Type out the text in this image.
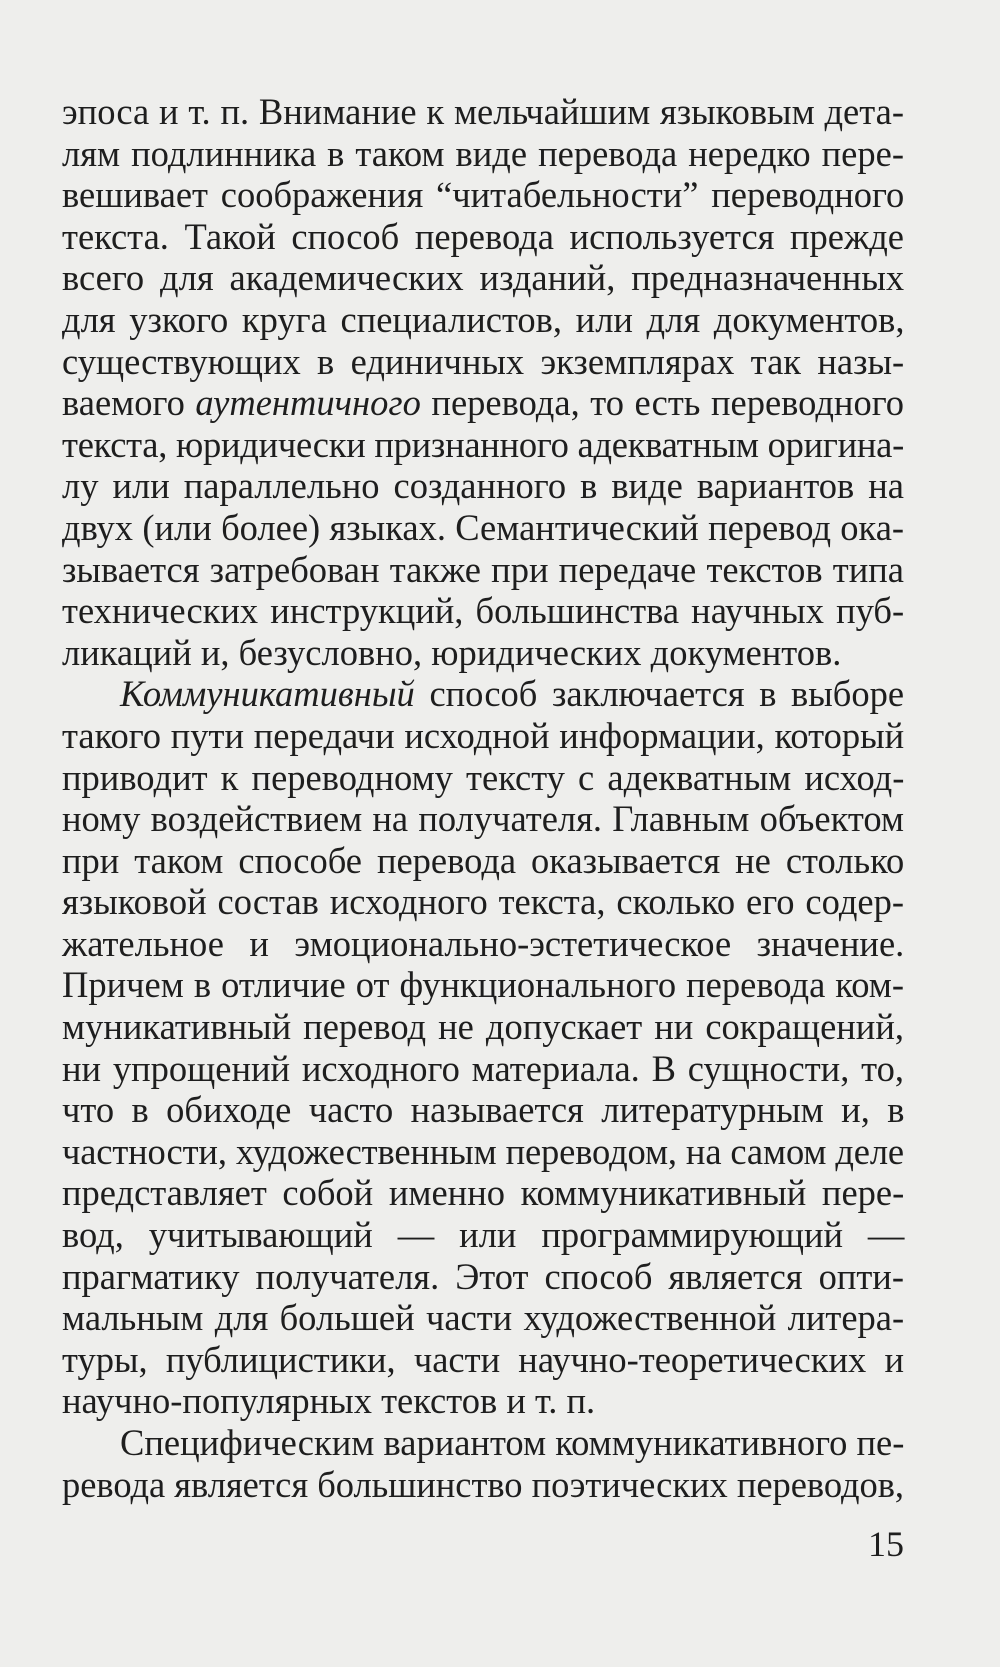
эпоса и т. п. Внимание к мельчайшим языковым дета-
лям подлинника в таком виде перевода нередко пере-
вешивает соображения “читабельности” переводного
текста. Такой способ перевода используется прежде
всего для академических изданий, предназначенных
для узкого круга специалистов, или для документов,
существующих в единичных экземплярах так назы-
ваемого аутентичного перевода, то есть переводного
текста, юридически признанного адекватным оригина-
лу или параллельно созданного в виде вариантов на
двух (или более) языках. Семантический перевод ока-
зывается затребован также при передаче текстов типа
технических инструкций, большинства научных пуб-
ликаций и, безусловно, юридических документов.

Коммуникативный способ заключается в выборе
такого пути передачи исходной информации, который
приводит к переводному тексту с адекватным исход-
ному воздействием на получателя. Главным объектом
при таком способе перевода оказывается не столько
языковой состав исходного текста, сколько его содер-
жательное и эмоционально-эстетическое значение.
Причем в отличие от функционального перевода ком-
муникативный перевод не допускает ни сокращений,
ни упрощений исходного материала. В сущности, то,
что в обиходе часто называется литературным и, в
частности, художественным переводом, на самом деле
представляет собой именно коммуникативный пере-
вод, учитывающий — или программирующий —
прагматику получателя. Этот способ является опти-
мальным для большей части художественной литера-
туры, публицистики, части научно-теоретических и
научно-популярных текстов и т. п.

Специфическим вариантом коммуникативного пе-
ревода является большинство поэтических переводов,

15
